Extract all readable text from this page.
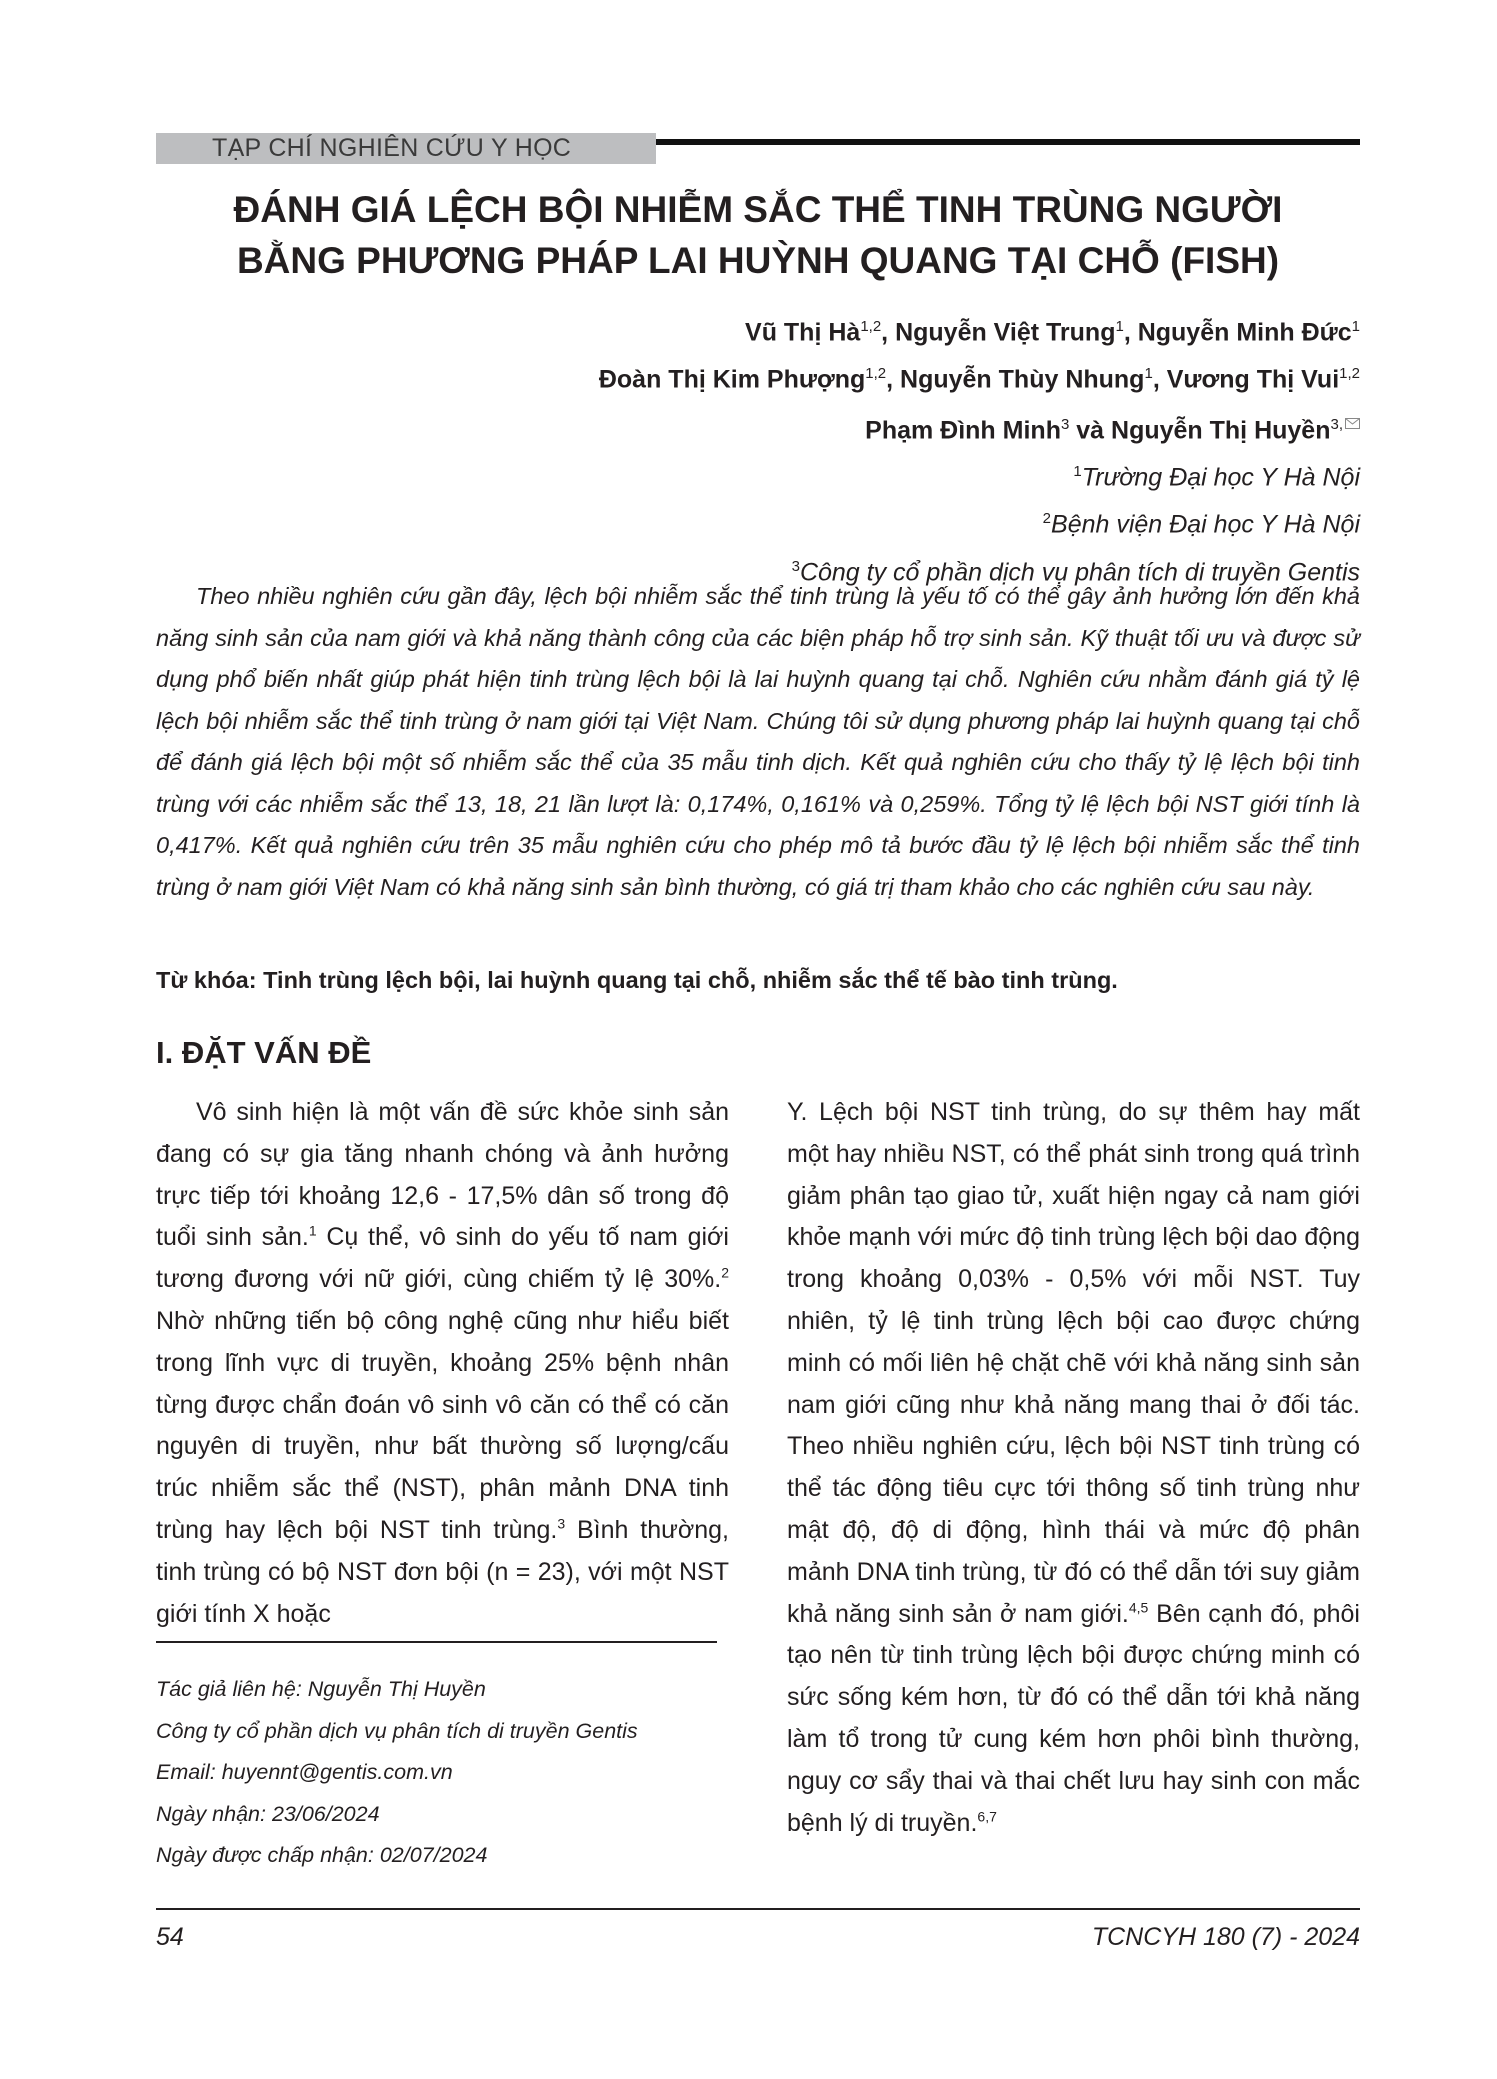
TẠP CHÍ NGHIÊN CỨU Y HỌC
ĐÁNH GIÁ LỆCH BỘI NHIỄM SẮC THỂ TINH TRÙNG NGƯỜI
BẰNG PHƯƠNG PHÁP LAI HUỲNH QUANG TẠI CHỖ (FISH)
Vũ Thị Hà$^{1,2}$, Nguyễn Việt Trung$^1$, Nguyễn Minh Đức$^1$
Đoàn Thị Kim Phượng$^{1,2}$, Nguyễn Thùy Nhung$^1$, Vương Thị Vui$^{1,2}$
Phạm Đình Minh$^3$ và Nguyễn Thị Huyền$^{3,}$
$^1$Trường Đại học Y Hà Nội
$^2$Bệnh viện Đại học Y Hà Nội
$^3$Công ty cổ phần dịch vụ phân tích di truyền Gentis
Theo nhiều nghiên cứu gần đây, lệch bội nhiễm sắc thể tinh trùng là yếu tố có thể gây ảnh hưởng lớn đến khả năng sinh sản của nam giới và khả năng thành công của các biện pháp hỗ trợ sinh sản. Kỹ thuật tối ưu và được sử dụng phổ biến nhất giúp phát hiện tinh trùng lệch bội là lai huỳnh quang tại chỗ. Nghiên cứu nhằm đánh giá tỷ lệ lệch bội nhiễm sắc thể tinh trùng ở nam giới tại Việt Nam. Chúng tôi sử dụng phương pháp lai huỳnh quang tại chỗ để đánh giá lệch bội một số nhiễm sắc thể của 35 mẫu tinh dịch. Kết quả nghiên cứu cho thấy tỷ lệ lệch bội tinh trùng với các nhiễm sắc thể 13, 18, 21 lần lượt là: 0,174%, 0,161% và 0,259%. Tổng tỷ lệ lệch bội NST giới tính là 0,417%. Kết quả nghiên cứu trên 35 mẫu nghiên cứu cho phép mô tả bước đầu tỷ lệ lệch bội nhiễm sắc thể tinh trùng ở nam giới Việt Nam có khả năng sinh sản bình thường, có giá trị tham khảo cho các nghiên cứu sau này.
Từ khóa: Tinh trùng lệch bội, lai huỳnh quang tại chỗ, nhiễm sắc thể tế bào tinh trùng.
I. ĐẶT VẤN ĐỀ
Vô sinh hiện là một vấn đề sức khỏe sinh sản đang có sự gia tăng nhanh chóng và ảnh hưởng trực tiếp tới khoảng 12,6 - 17,5% dân số trong độ tuổi sinh sản.$^1$ Cụ thể, vô sinh do yếu tố nam giới tương đương với nữ giới, cùng chiếm tỷ lệ 30%.$^2$ Nhờ những tiến bộ công nghệ cũng như hiểu biết trong lĩnh vực di truyền, khoảng 25% bệnh nhân từng được chẩn đoán vô sinh vô căn có thể có căn nguyên di truyền, như bất thường số lượng/cấu trúc nhiễm sắc thể (NST), phân mảnh DNA tinh trùng hay lệch bội NST tinh trùng.$^3$ Bình thường, tinh trùng có bộ NST đơn bội (n = 23), với một NST giới tính X hoặc
Y. Lệch bội NST tinh trùng, do sự thêm hay mất một hay nhiều NST, có thể phát sinh trong quá trình giảm phân tạo giao tử, xuất hiện ngay cả nam giới khỏe mạnh với mức độ tinh trùng lệch bội dao động trong khoảng 0,03% - 0,5% với mỗi NST. Tuy nhiên, tỷ lệ tinh trùng lệch bội cao được chứng minh có mối liên hệ chặt chẽ với khả năng sinh sản nam giới cũng như khả năng mang thai ở đối tác. Theo nhiều nghiên cứu, lệch bội NST tinh trùng có thể tác động tiêu cực tới thông số tinh trùng như mật độ, độ di động, hình thái và mức độ phân mảnh DNA tinh trùng, từ đó có thể dẫn tới suy giảm khả năng sinh sản ở nam giới.$^{4,5}$ Bên cạnh đó, phôi tạo nên từ tinh trùng lệch bội được chứng minh có sức sống kém hơn, từ đó có thể dẫn tới khả năng làm tổ trong tử cung kém hơn phôi bình thường, nguy cơ sẩy thai và thai chết lưu hay sinh con mắc bệnh lý di truyền.$^{6,7}$
Tác giả liên hệ: Nguyễn Thị Huyền
Công ty cổ phần dịch vụ phân tích di truyền Gentis
Email: huyennt@gentis.com.vn
Ngày nhận: 23/06/2024
Ngày được chấp nhận: 02/07/2024
54	TCNCYH 180 (7) - 2024
